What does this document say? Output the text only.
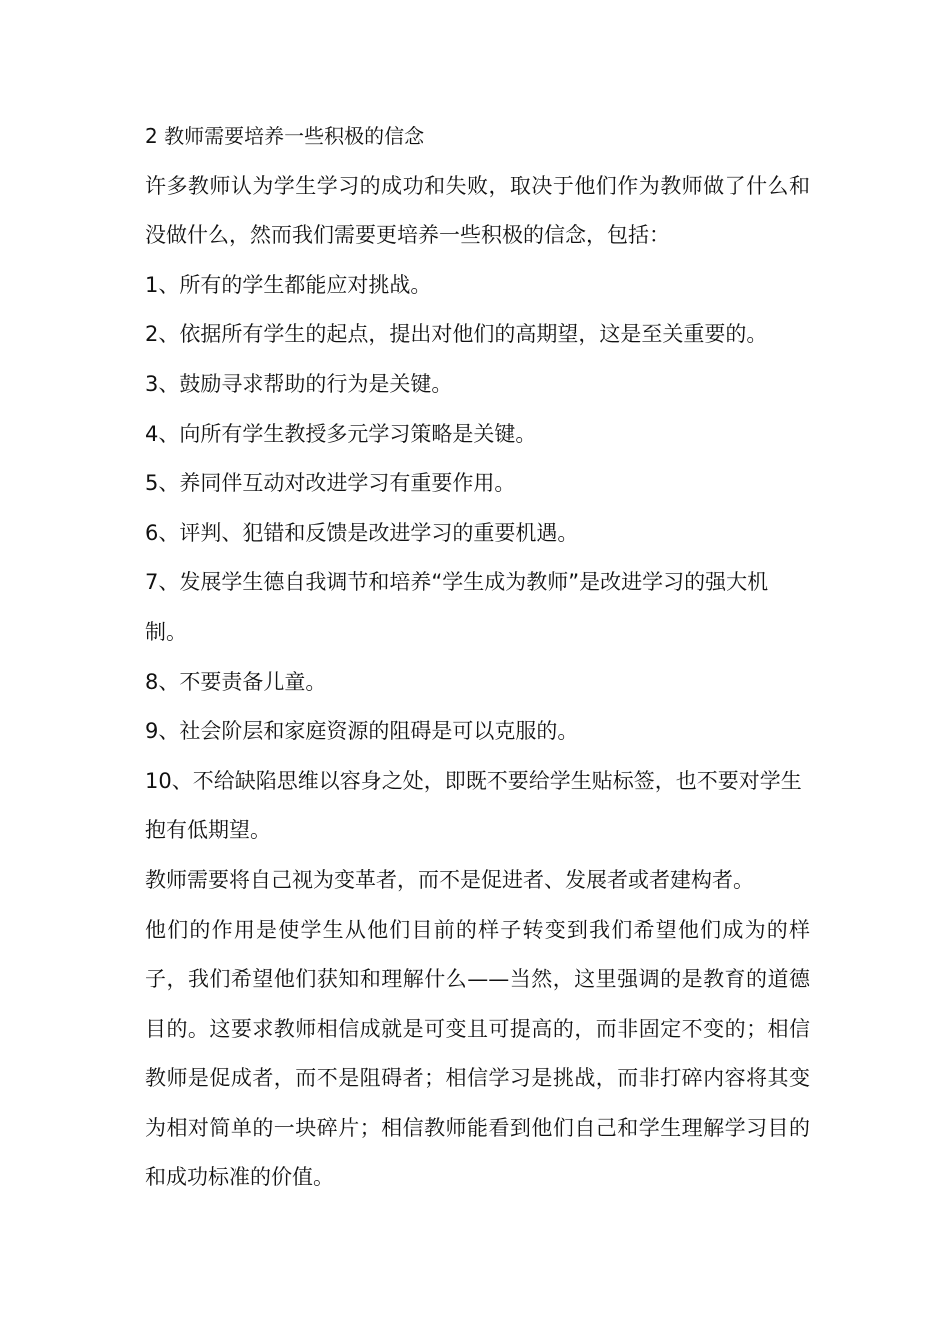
2 教师需要培养一些积极的信念

许多教师认为学生学习的成功和失败，取决于他们作为教师做了什么和没做什么，然而我们需要更培养一些积极的信念，包括：

1、所有的学生都能应对挑战。
2、依据所有学生的起点，提出对他们的高期望，这是至关重要的。
3、鼓励寻求帮助的行为是关键。
4、向所有学生教授多元学习策略是关键。
5、养同伴互动对改进学习有重要作用。
6、评判、犯错和反馈是改进学习的重要机遇。
7、发展学生德自我调节和培养“学生成为教师”是改进学习的强大机制。
8、不要责备儿童。
9、社会阶层和家庭资源的阻碍是可以克服的。
10、不给缺陷思维以容身之处，即既不要给学生贴标签，也不要对学生抱有低期望。

教师需要将自己视为变革者，而不是促进者、发展者或者建构者。

他们的作用是使学生从他们目前的样子转变到我们希望他们成为的样子，我们希望他们获知和理解什么——当然，这里强调的是教育的道德目的。这要求教师相信成就是可变且可提高的，而非固定不变的；相信教师是促成者，而不是阻碍者；相信学习是挑战，而非打碎内容将其变为相对简单的一块碎片；相信教师能看到他们自己和学生理解学习目的和成功标准的价值。
